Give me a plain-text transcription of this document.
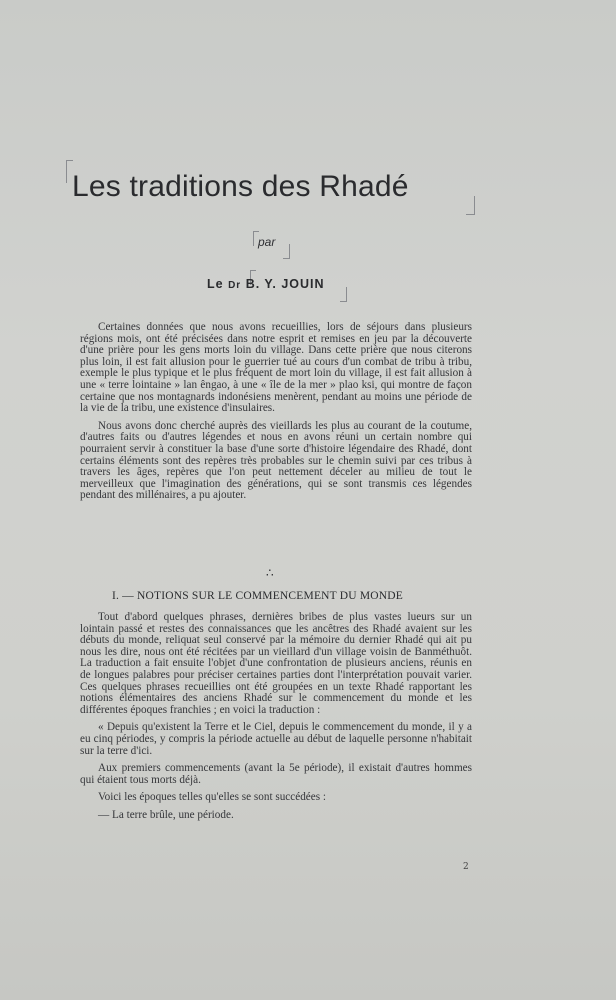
Les traditions des Rhadé
par
Le Dr B. Y. JOUIN

Certaines données que nous avons recueillies, lors de séjours dans plusieurs régions mois, ont été précisées dans notre esprit et remises en jeu par la découverte d'une prière pour les gens morts loin du village. Dans cette prière que nous citerons plus loin, il est fait allusion pour le guerrier tué au cours d'un combat de tribu à tribu, exemple le plus typique et le plus fréquent de mort loin du village, il est fait allusion à une « terre lointaine » lan êngao, à une « île de la mer » plao ksi, qui montre de façon certaine que nos montagnards indonésiens menèrent, pendant au moins une période de la vie de la tribu, une existence d'insulaires.

Nous avons donc cherché auprès des vieillards les plus au courant de la coutume, d'autres faits ou d'autres légendes et nous en avons réuni un certain nombre qui pourraient servir à constituer la base d'une sorte d'histoire légendaire des Rhadé, dont certains éléments sont des repères très probables sur le chemin suivi par ces tribus à travers les âges, repères que l'on peut nettement déceler au milieu de tout le merveilleux que l'imagination des générations, qui se sont transmis ces légendes pendant des millénaires, a pu ajouter.

∴
I. — NOTIONS SUR LE COMMENCEMENT DU MONDE

Tout d'abord quelques phrases, dernières bribes de plus vastes lueurs sur un lointain passé et restes des connaissances que les ancêtres des Rhadé avaient sur les débuts du monde, reliquat seul conservé par la mémoire du dernier Rhadé qui ait pu nous les dire, nous ont été récitées par un vieillard d'un village voisin de Banméthuôt. La traduction a fait ensuite l'objet d'une confrontation de plusieurs anciens, réunis en de longues palabres pour préciser certaines parties dont l'interprétation pouvait varier. Ces quelques phrases recueillies ont été groupées en un texte Rhadé rapportant les notions élémentaires des anciens Rhadé sur le commencement du monde et les différentes époques franchies ; en voici la traduction :

« Depuis qu'existent la Terre et le Ciel, depuis le commencement du monde, il y a eu cinq périodes, y compris la période actuelle au début de laquelle personne n'habitait sur la terre d'ici.

Aux premiers commencements (avant la 5e période), il existait d'autres hommes qui étaient tous morts déjà.

Voici les époques telles qu'elles se sont succédées :

— La terre brûle, une période.

2
